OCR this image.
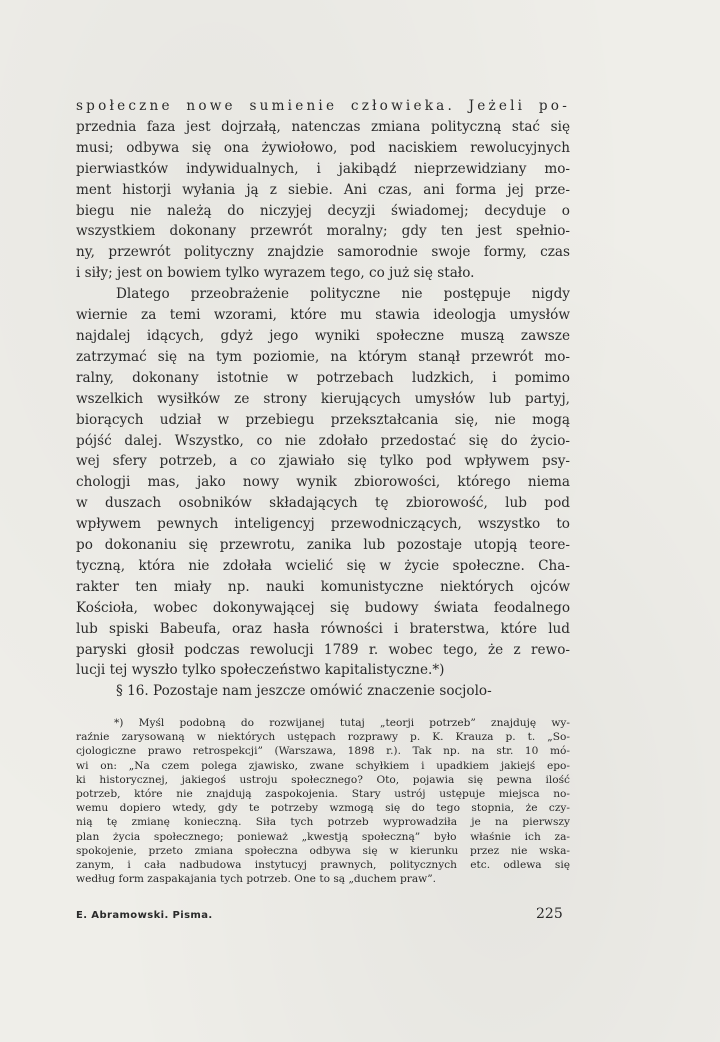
społeczne nowe sumienie człowieka. Jeżeli po-
przednia faza jest dojrzałą, natenczas zmiana polityczną stać się
musi; odbywa się ona żywiołowo, pod naciskiem rewolucyjnych
pierwiastków indywidualnych, i jakibądź nieprzewidziany mo-
ment historji wyłania ją z siebie. Ani czas, ani forma jej prze-
biegu nie należą do niczyjej decyzji świadomej; decyduje o
wszystkiem dokonany przewrót moralny; gdy ten jest spełnio-
ny, przewrót polityczny znajdzie samorodnie swoje formy, czas
i siły; jest on bowiem tylko wyrazem tego, co już się stało.
Dlatego przeobrażenie polityczne nie postępuje nigdy
wiernie za temi wzorami, które mu stawia ideologja umysłów
najdalej idących, gdyż jego wyniki społeczne muszą zawsze
zatrzymać się na tym poziomie, na którym stanął przewrót mo-
ralny, dokonany istotnie w potrzebach ludzkich, i pomimo
wszelkich wysiłków ze strony kierujących umysłów lub partyj,
biorących udział w przebiegu przekształcania się, nie mogą
pójść dalej. Wszystko, co nie zdołało przedostać się do życio-
wej sfery potrzeb, a co zjawiało się tylko pod wpływem psy-
chologji mas, jako nowy wynik zbiorowości, którego niema
w duszach osobników składających tę zbiorowość, lub pod
wpływem pewnych inteligencyj przewodniczących, wszystko to
po dokonaniu się przewrotu, zanika lub pozostaje utopją teore-
tyczną, która nie zdołała wcielić się w życie społeczne. Cha-
rakter ten miały np. nauki komunistyczne niektórych ojców
Kościoła, wobec dokonywającej się budowy świata feodalnego
lub spiski Babeufa, oraz hasła równości i braterstwa, które lud
paryski głosił podczas rewolucji 1789 r. wobec tego, że z rewo-
lucji tej wyszło tylko społeczeństwo kapitalistyczne.*)
§ 16. Pozostaje nam jeszcze omówić znaczenie socjolo-
*) Myśl podobną do rozwijanej tutaj „teorji potrzeb” znajduję wy-
raźnie zarysowaną w niektórych ustępach rozprawy p. K. Krauza p. t. „So-
cjologiczne prawo retrospekcji” (Warszawa, 1898 r.). Tak np. na str. 10 mó-
wi on: „Na czem polega zjawisko, zwane schyłkiem i upadkiem jakiejś epo-
ki historycznej, jakiegoś ustroju społecznego? Oto, pojawia się pewna ilość
potrzeb, które nie znajdują zaspokojenia. Stary ustrój ustępuje miejsca no-
wemu dopiero wtedy, gdy te potrzeby wzmogą się do tego stopnia, że czy-
nią tę zmianę konieczną. Siła tych potrzeb wyprowadziła je na pierwszy
plan życia społecznego; ponieważ „kwestją społeczną” było właśnie ich za-
spokojenie, przeto zmiana społeczna odbywa się w kierunku przez nie wska-
zanym, i cała nadbudowa instytucyj prawnych, politycznych etc. odlewa się
według form zaspakajania tych potrzeb. One to są „duchem praw”.
E. Abramowski. Pisma.	225
